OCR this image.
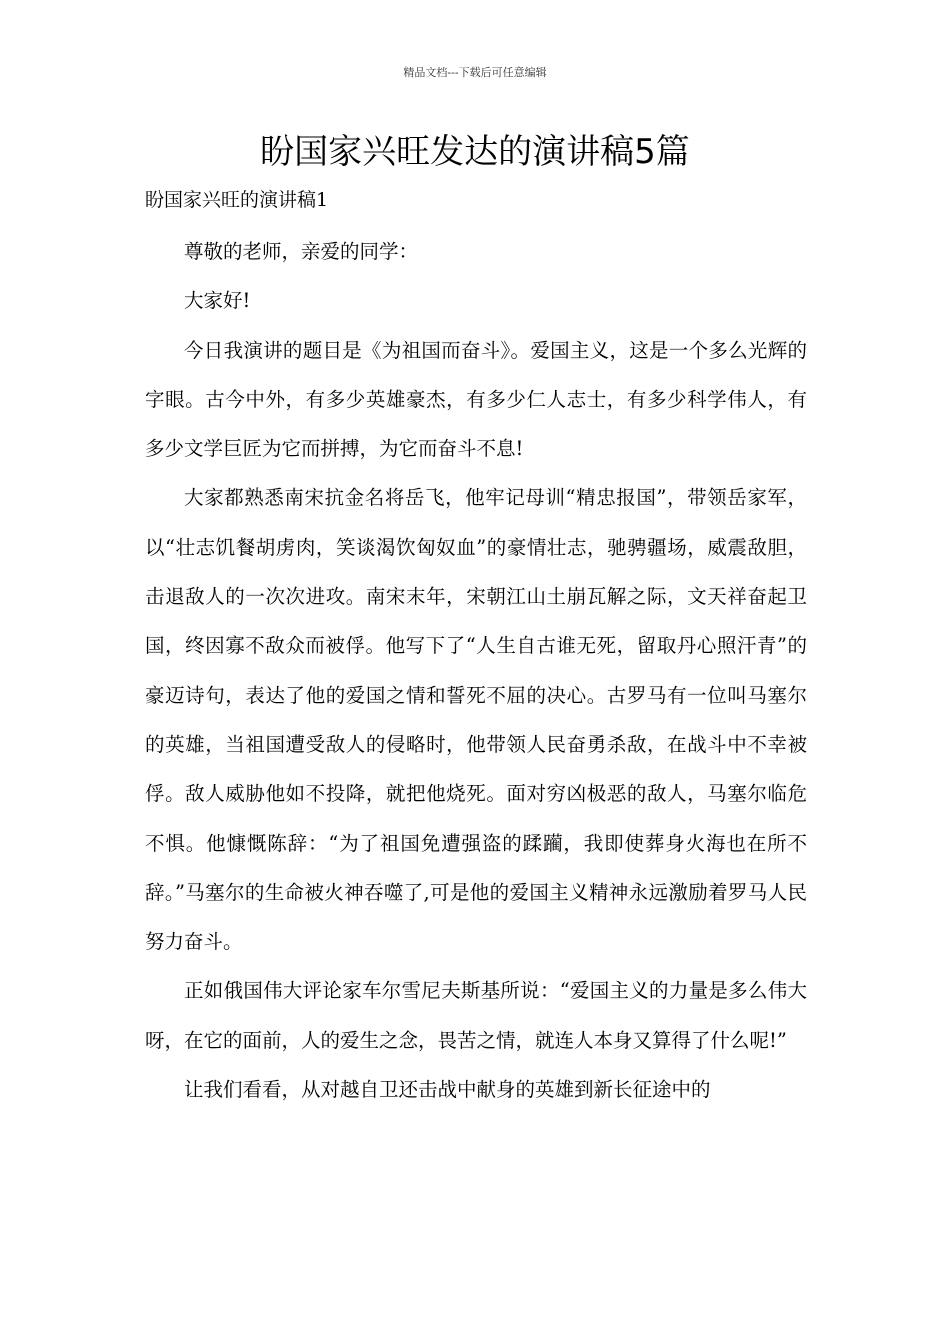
精品文档---下载后可任意编辑
盼国家兴旺发达的演讲稿5篇
盼国家兴旺的演讲稿1

尊敬的老师，亲爱的同学：

大家好!

今日我演讲的题目是《为祖国而奋斗》。爱国主义，这是一个多么光辉的字眼。古今中外，有多少英雄豪杰，有多少仁人志士，有多少科学伟人，有多少文学巨匠为它而拼搏，为它而奋斗不息!

大家都熟悉南宋抗金名将岳飞，他牢记母训“精忠报国”，带领岳家军，以“壮志饥餐胡虏肉，笑谈渴饮匈奴血”的豪情壮志，驰骋疆场，威震敌胆，击退敌人的一次次进攻。南宋末年，宋朝江山土崩瓦解之际，文天祥奋起卫国，终因寡不敌众而被俘。他写下了“人生自古谁无死，留取丹心照汗青”的豪迈诗句，表达了他的爱国之情和誓死不屈的决心。古罗马有一位叫马塞尔的英雄，当祖国遭受敌人的侵略时，他带领人民奋勇杀敌，在战斗中不幸被俘。敌人威胁他如不投降，就把他烧死。面对穷凶极恶的敌人，马塞尔临危不惧。他慷慨陈辞：“为了祖国免遭强盗的蹂躏，我即使葬身火海也在所不辞。”马塞尔的生命被火神吞噬了,可是他的爱国主义精神永远激励着罗马人民努力奋斗。

正如俄国伟大评论家车尔雪尼夫斯基所说：“爱国主义的力量是多么伟大呀，在它的面前，人的爱生之念，畏苦之情，就连人本身又算得了什么呢!”

让我们看看，从对越自卫还击战中献身的英雄到新长征途中的
